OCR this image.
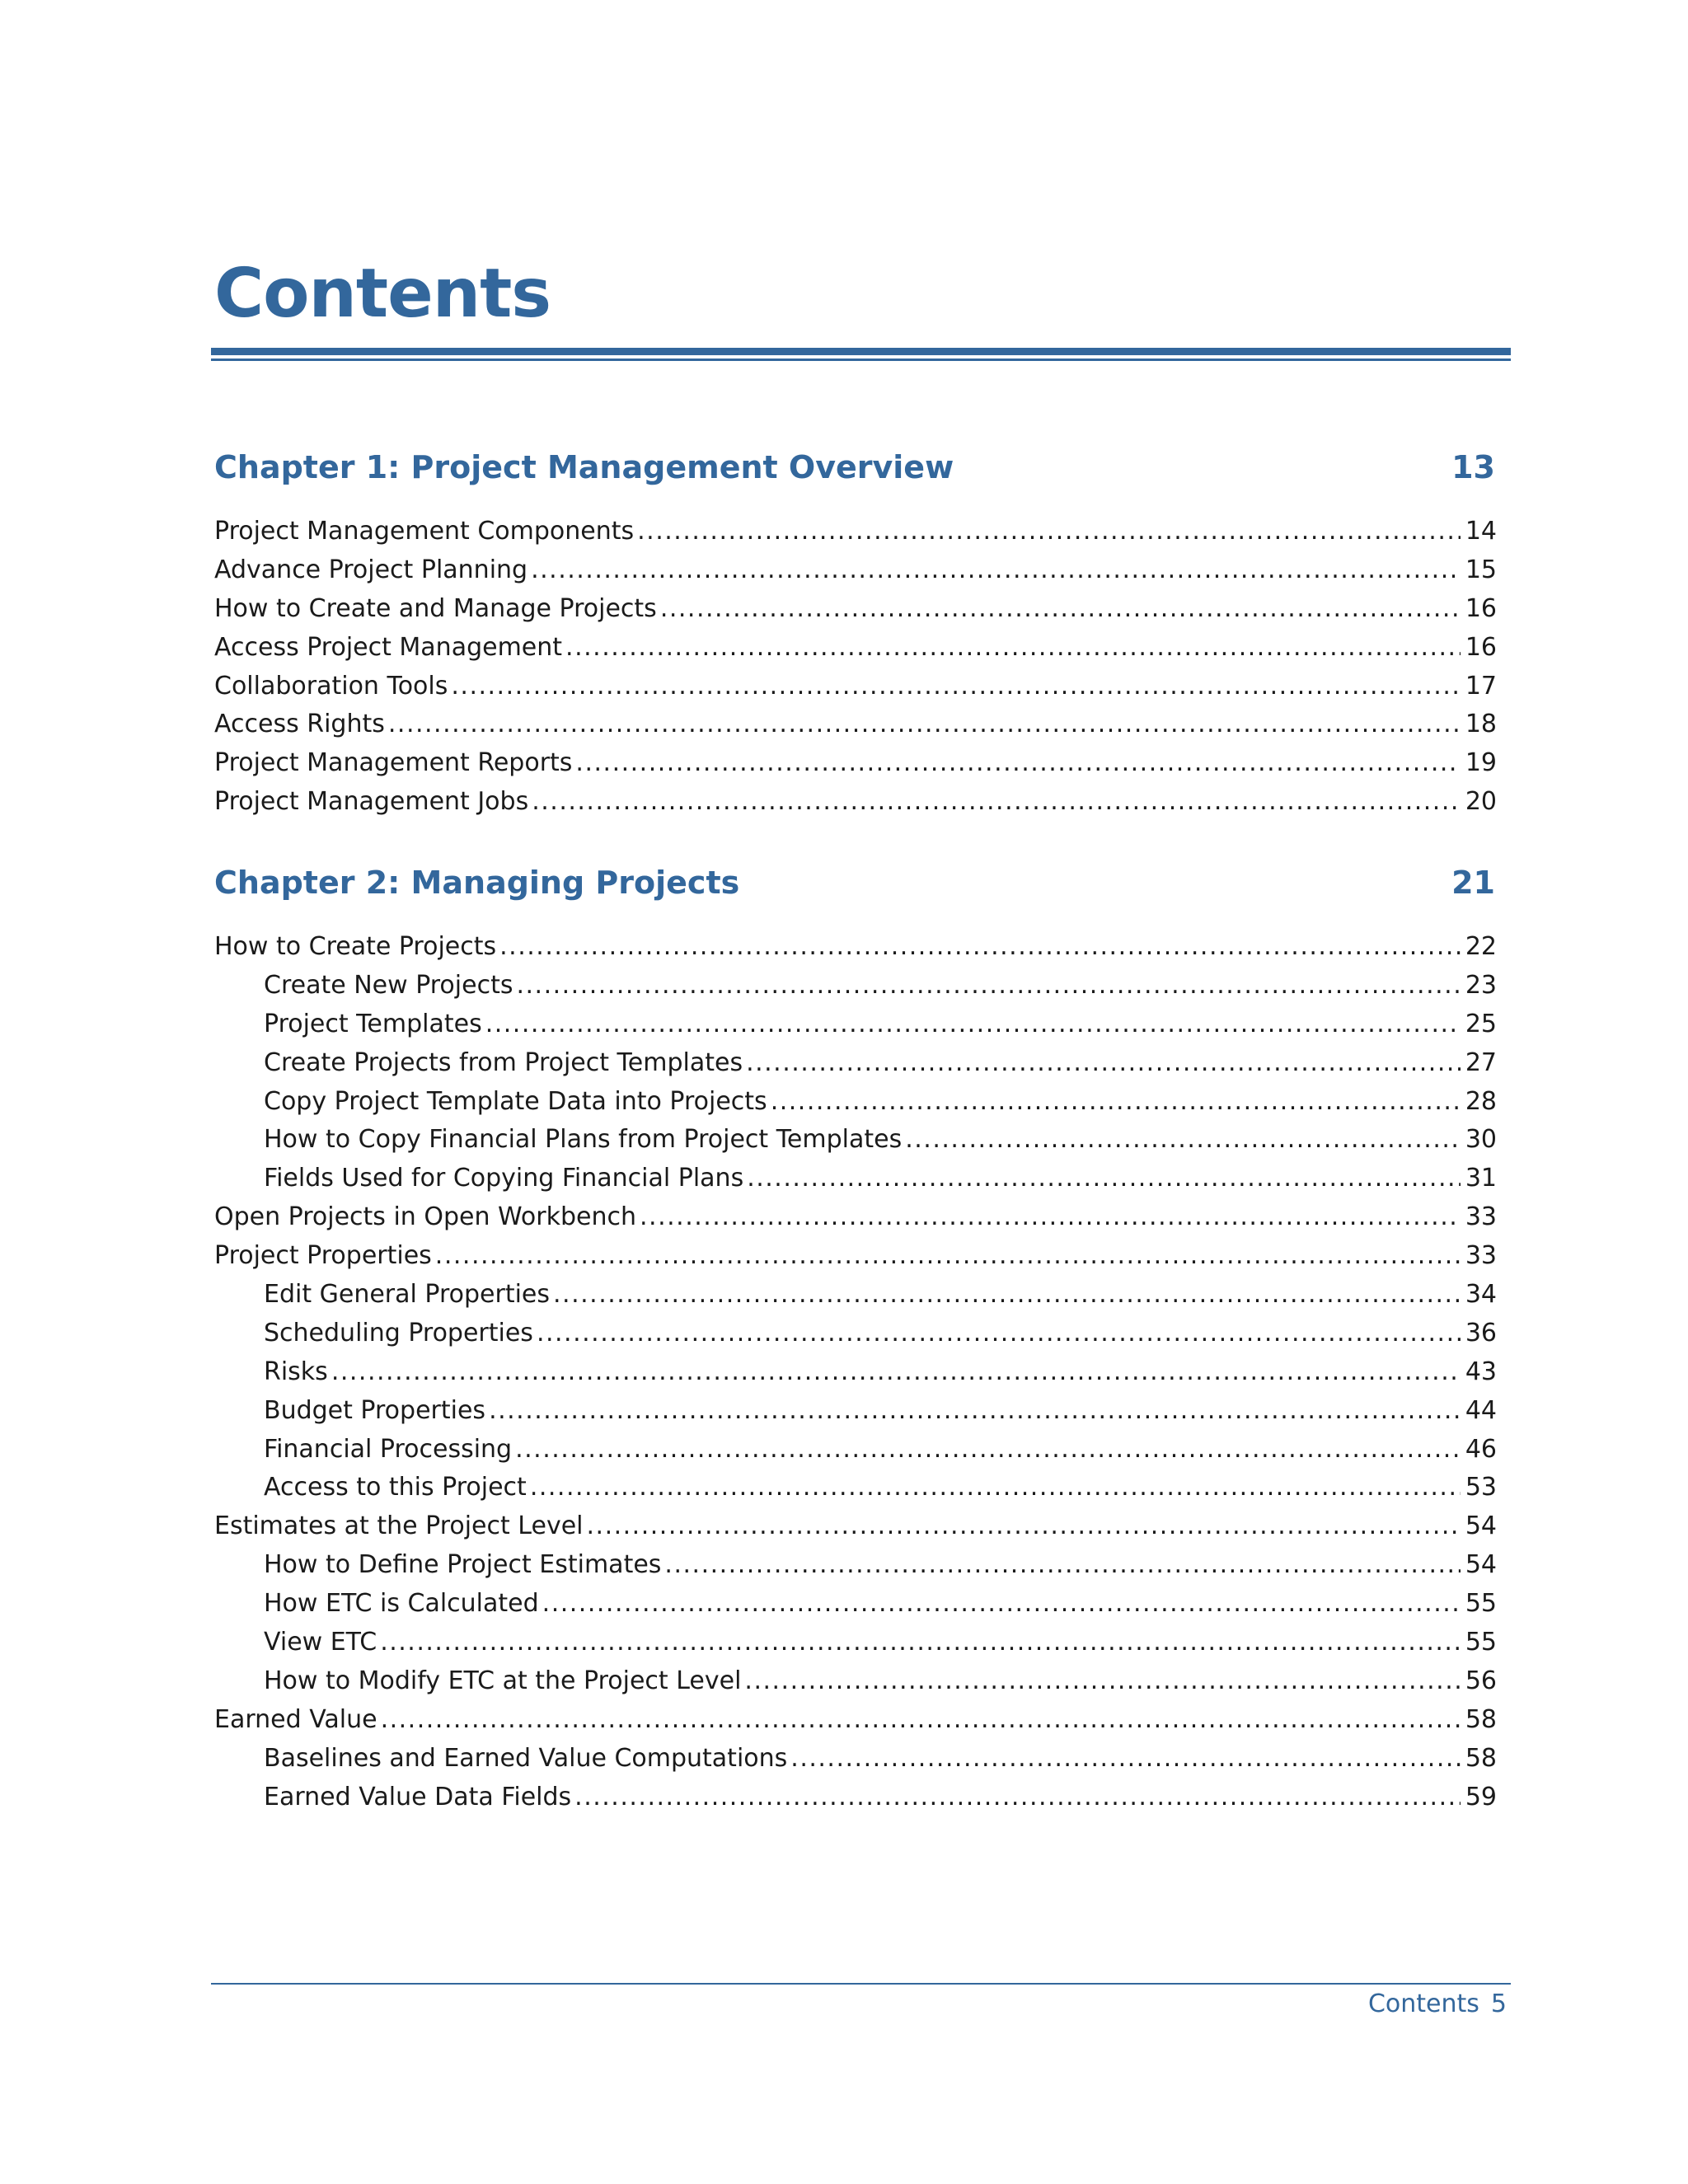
Contents
Chapter 1: Project Management Overview	13
Project Management Components .....	14
Advance Project Planning .....	15
How to Create and Manage Projects .....	16
Access Project Management .....	16
Collaboration Tools .....	17
Access Rights .....	18
Project Management Reports .....	19
Project Management Jobs .....	20
Chapter 2: Managing Projects	21
How to Create Projects .....	22
Create New Projects .....	23
Project Templates .....	25
Create Projects from Project Templates .....	27
Copy Project Template Data into Projects .....	28
How to Copy Financial Plans from Project Templates .....	30
Fields Used for Copying Financial Plans .....	31
Open Projects in Open Workbench .....	33
Project Properties .....	33
Edit General Properties .....	34
Scheduling Properties .....	36
Risks .....	43
Budget Properties .....	44
Financial Processing .....	46
Access to this Project .....	53
Estimates at the Project Level .....	54
How to Define Project Estimates .....	54
How ETC is Calculated .....	55
View ETC .....	55
How to Modify ETC at the Project Level .....	56
Earned Value .....	58
Baselines and Earned Value Computations .....	58
Earned Value Data Fields .....	59
Contents 5
